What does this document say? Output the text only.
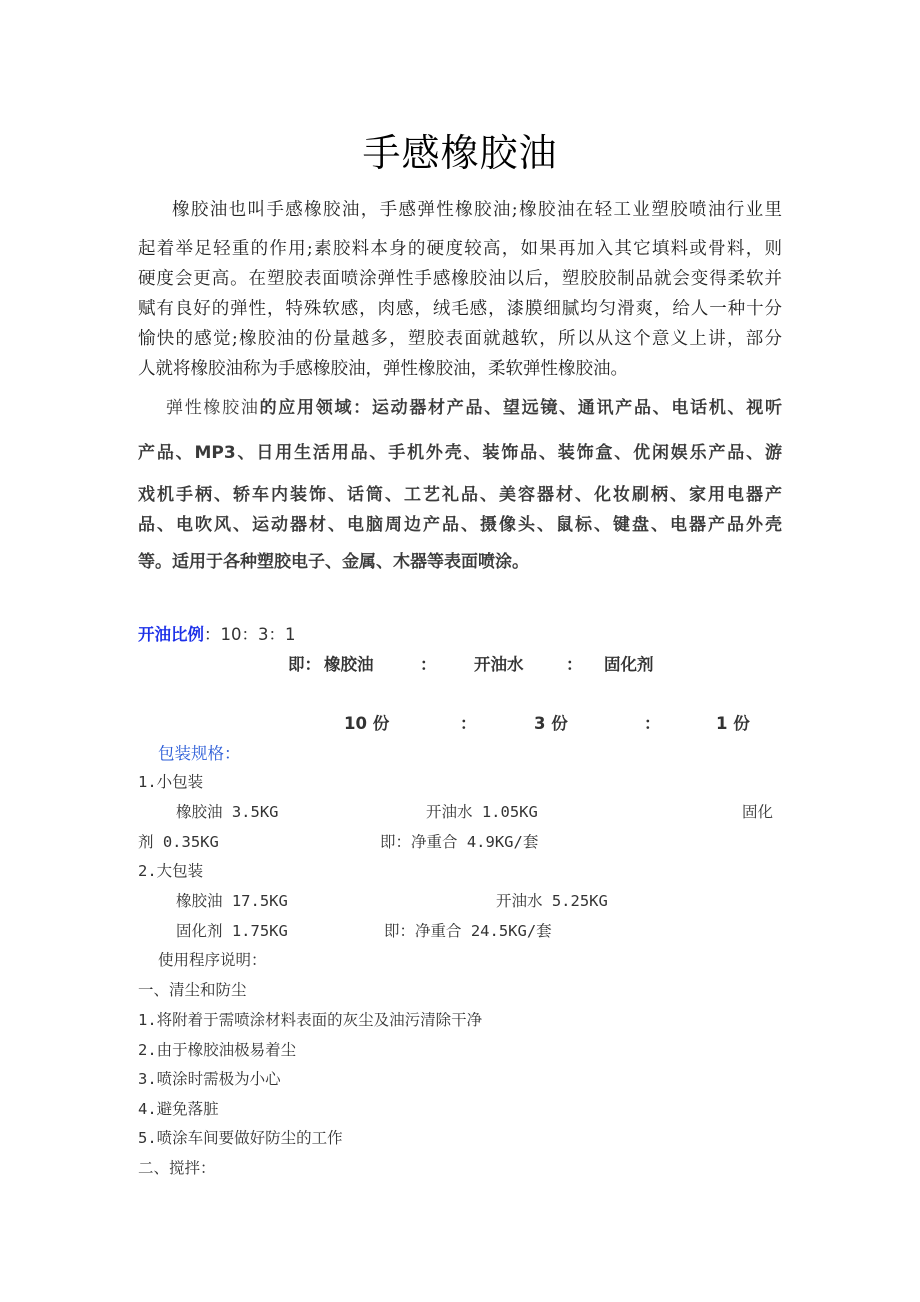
手感橡胶油
橡胶油也叫手感橡胶油，手感弹性橡胶油;橡胶油在轻工业塑胶喷油行业里
起着举足轻重的作用;素胶料本身的硬度较高，如果再加入其它填料或骨料，则
硬度会更高。在塑胶表面喷涂弹性手感橡胶油以后，塑胶胶制品就会变得柔软并
赋有良好的弹性，特殊软感，肉感，绒毛感，漆膜细腻均匀滑爽，给人一种十分
愉快的感觉;橡胶油的份量越多，塑胶表面就越软，所以从这个意义上讲，部分
人就将橡胶油称为手感橡胶油，弹性橡胶油，柔软弹性橡胶油。
弹性橡胶油的应用领域：运动器材产品、望远镜、通讯产品、电话机、视听
产品、MP3、日用生活用品、手机外壳、装饰品、装饰盒、优闲娱乐产品、游
戏机手柄、轿车内装饰、话筒、工艺礼品、美容器材、化妆刷柄、家用电器产
品、电吹风、运动器材、电脑周边产品、摄像头、鼠标、键盘、电器产品外壳
等。适用于各种塑胶电子、金属、木器等表面喷涂。
开油比例：10：3：1
即： 橡胶油	： 开油水	： 固化剂
10 份	：	3 份	：	1 份
包装规格：
1.小包装
橡胶油 3.5KG	开油水 1.05KG	固化
剂 0.35KG	即：净重合 4.9KG/套
2.大包装
橡胶油 17.5KG	开油水 5.25KG
固化剂 1.75KG	即：净重合 24.5KG/套
使用程序说明：
一、清尘和防尘
1.将附着于需喷涂材料表面的灰尘及油污清除干净
2.由于橡胶油极易着尘
3.喷涂时需极为小心
4.避免落脏
5.喷涂车间要做好防尘的工作
二、搅拌：
